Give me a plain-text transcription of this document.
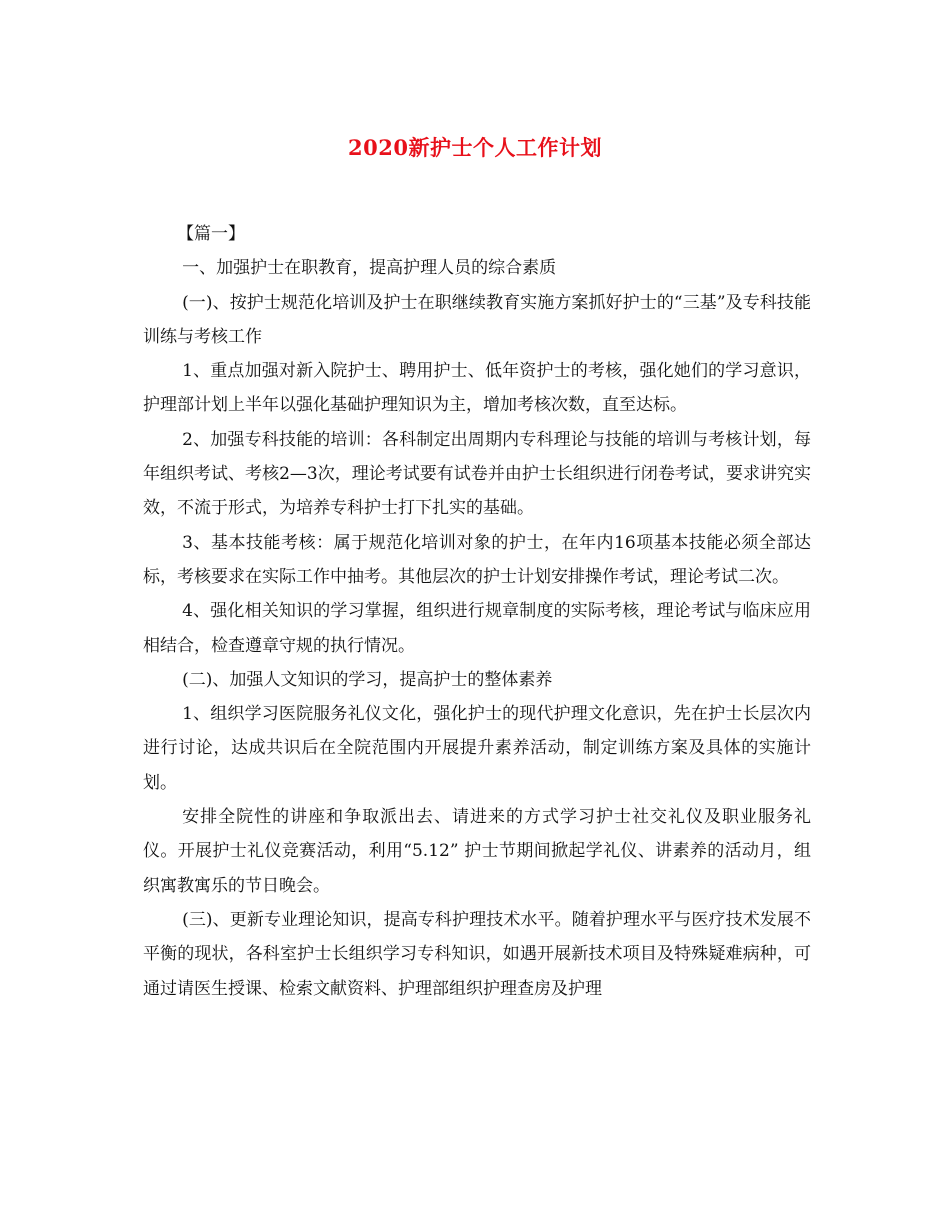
2020新护士个人工作计划

【篇一】

一、加强护士在职教育，提高护理人员的综合素质

(一)、按护士规范化培训及护士在职继续教育实施方案抓好护士的“三基”及专科技能训练与考核工作

1、重点加强对新入院护士、聘用护士、低年资护士的考核，强化她们的学习意识，护理部计划上半年以强化基础护理知识为主，增加考核次数，直至达标。

2、加强专科技能的培训：各科制定出周期内专科理论与技能的培训与考核计划，每年组织考试、考核2—3次，理论考试要有试卷并由护士长组织进行闭卷考试，要求讲究实效，不流于形式，为培养专科护士打下扎实的基础。

3、基本技能考核：属于规范化培训对象的护士，在年内16项基本技能必须全部达标，考核要求在实际工作中抽考。其他层次的护士计划安排操作考试，理论考试二次。

4、强化相关知识的学习掌握，组织进行规章制度的实际考核，理论考试与临床应用相结合，检查遵章守规的执行情况。

(二)、加强人文知识的学习，提高护士的整体素养

1、组织学习医院服务礼仪文化，强化护士的现代护理文化意识，先在护士长层次内进行讨论，达成共识后在全院范围内开展提升素养活动，制定训练方案及具体的实施计划。

安排全院性的讲座和争取派出去、请进来的方式学习护士社交礼仪及职业服务礼仪。开展护士礼仪竞赛活动，利用“5.12” 护士节期间掀起学礼仪、讲素养的活动月，组织寓教寓乐的节日晚会。

(三)、更新专业理论知识，提高专科护理技术水平。随着护理水平与医疗技术发展不平衡的现状，各科室护士长组织学习专科知识，如遇开展新技术项目及特殊疑难病种，可通过请医生授课、检索文献资料、护理部组织护理查房及护理
